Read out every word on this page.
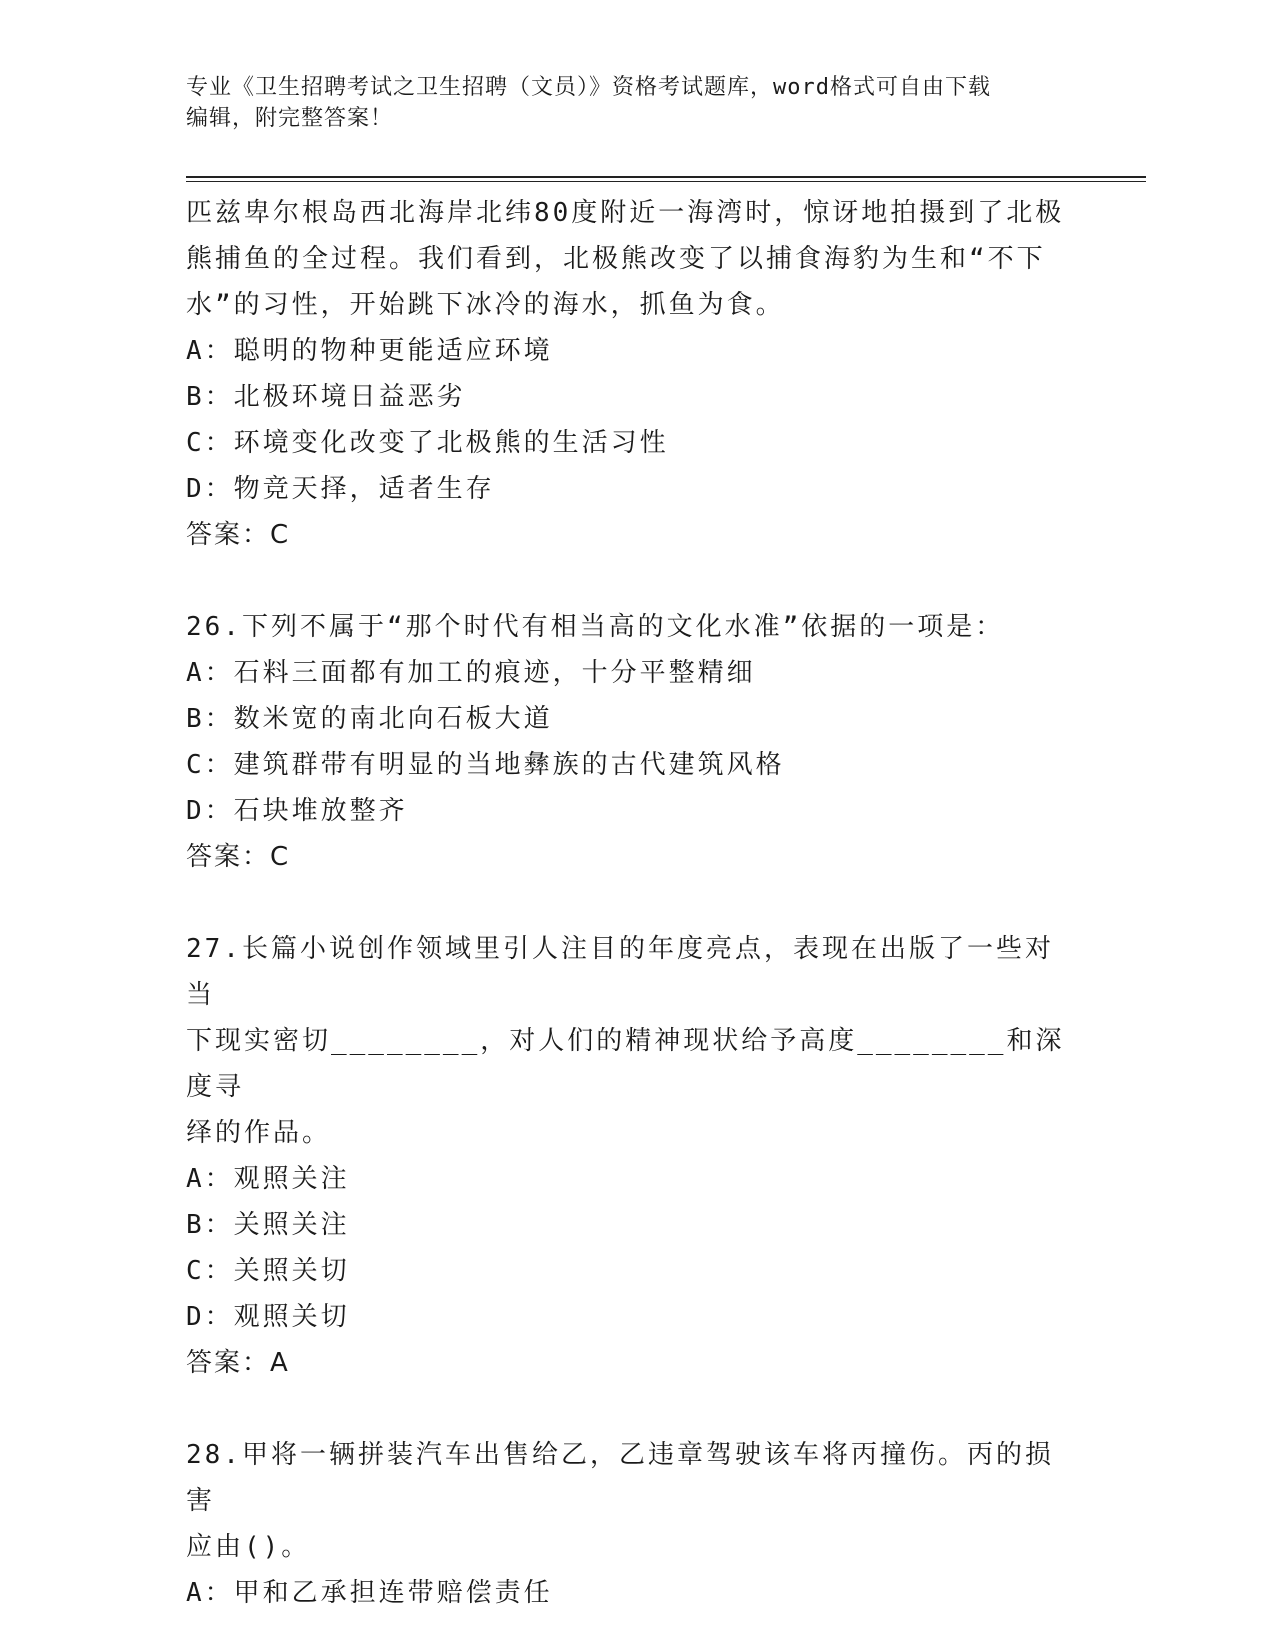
专业《卫生招聘考试之卫生招聘（文员）》资格考试题库，word格式可自由下载
编辑，附完整答案！

匹兹卑尔根岛西北海岸北纬80度附近一海湾时，惊讶地拍摄到了北极

熊捕鱼的全过程。我们看到，北极熊改变了以捕食海豹为生和“不下

水”的习性，开始跳下冰冷的海水，抓鱼为食。

A：聪明的物种更能适应环境

B：北极环境日益恶劣

C：环境变化改变了北极熊的生活习性

D：物竞天择，适者生存

答案：C

26.下列不属于“那个时代有相当高的文化水准”依据的一项是：

A：石料三面都有加工的痕迹，十分平整精细

B：数米宽的南北向石板大道

C：建筑群带有明显的当地彝族的古代建筑风格

D：石块堆放整齐

答案：C

27.长篇小说创作领域里引人注目的年度亮点，表现在出版了一些对当

下现实密切________，对人们的精神现状给予高度________和深度寻

绎的作品。

A：观照关注

B：关照关注

C：关照关切

D：观照关切

答案：A

28.甲将一辆拼装汽车出售给乙，乙违章驾驶该车将丙撞伤。丙的损害

应由()。

A：甲和乙承担连带赔偿责任
